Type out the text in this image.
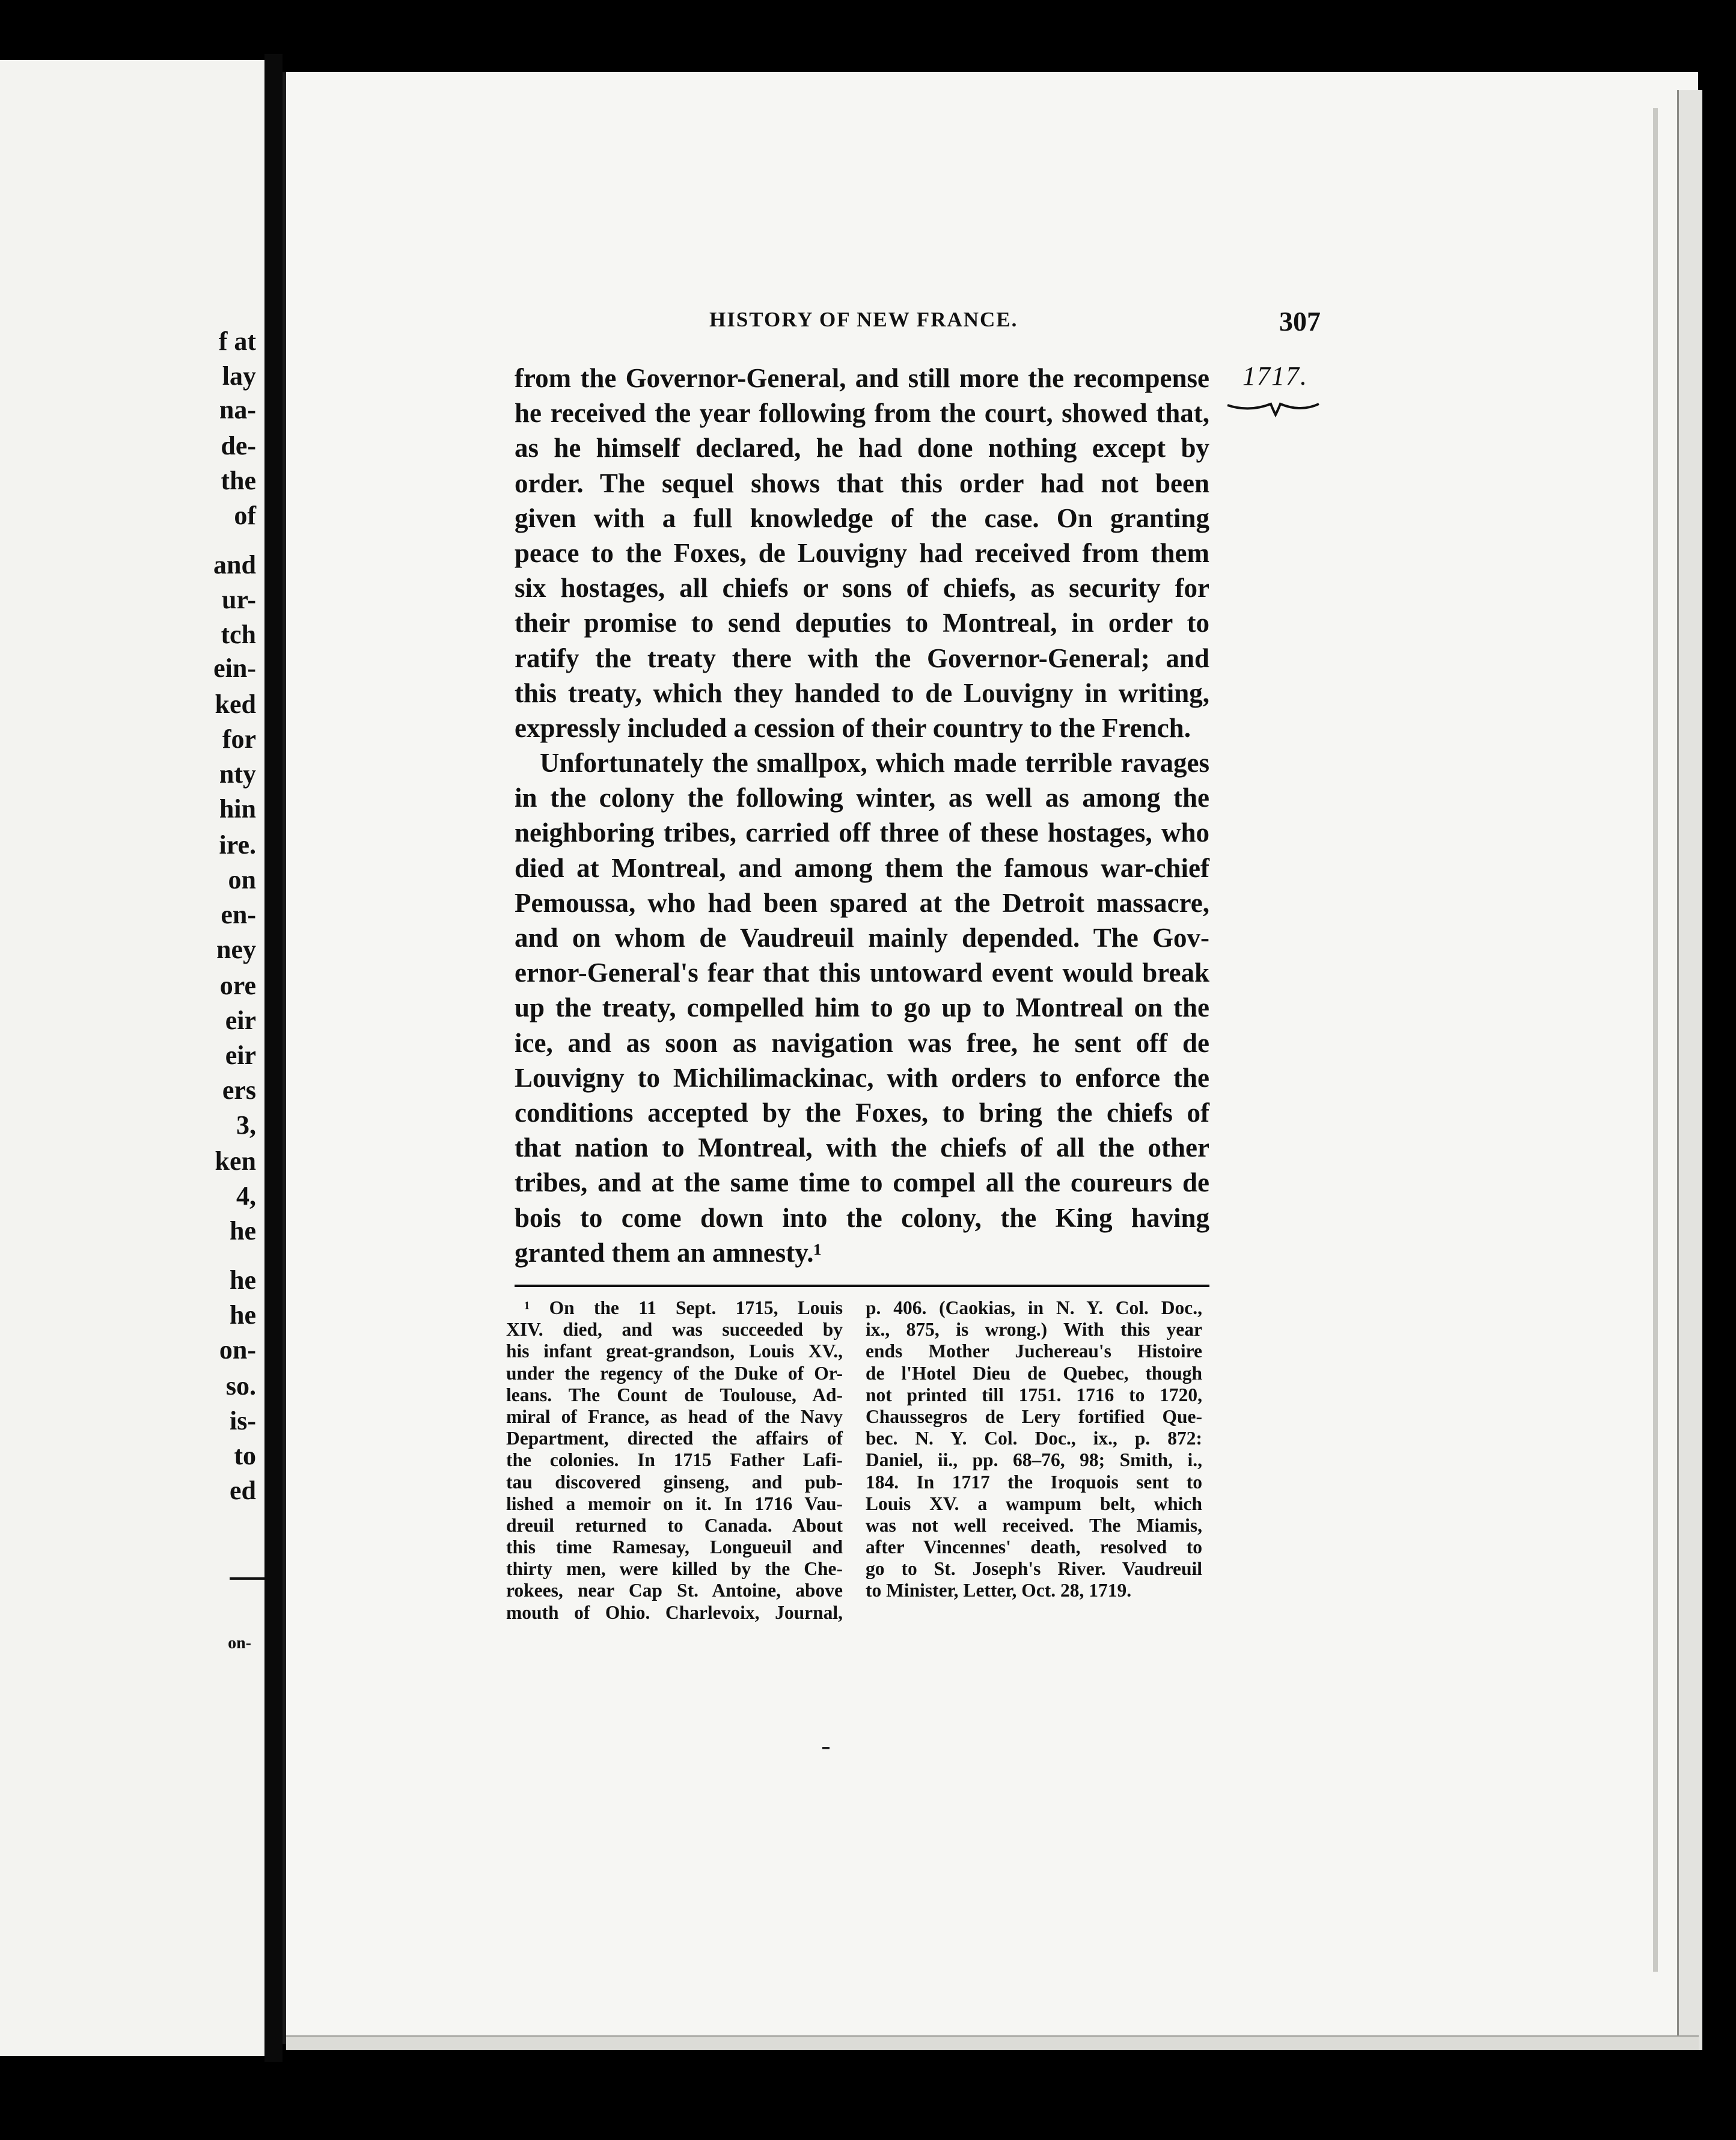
f at
lay
na-
de-
the
of
and
ur-
tch
ein-
ked
for
nty
hin
ire.
on
en-
ney
ore
eir
eir
ers
3,
ken
4,
he
he
he
on-
so.
is-
to
ed
on-
HISTORY OF NEW FRANCE.	307
1717.
from the Governor-General, and still more the recompense
he received the year following from the court, showed that,
as he himself declared, he had done nothing except by
order. The sequel shows that this order had not been
given with a full knowledge of the case. On granting
peace to the Foxes, de Louvigny had received from them
six hostages, all chiefs or sons of chiefs, as security for
their promise to send deputies to Montreal, in order to
ratify the treaty there with the Governor-General; and
this treaty, which they handed to de Louvigny in writing,
expressly included a cession of their country to the French.
Unfortunately the smallpox, which made terrible ravages
in the colony the following winter, as well as among the
neighboring tribes, carried off three of these hostages, who
died at Montreal, and among them the famous war-chief
Pemoussa, who had been spared at the Detroit massacre,
and on whom de Vaudreuil mainly depended. The Gov-
ernor-General's fear that this untoward event would break
up the treaty, compelled him to go up to Montreal on the
ice, and as soon as navigation was free, he sent off de
Louvigny to Michilimackinac, with orders to enforce the
conditions accepted by the Foxes, to bring the chiefs of
that nation to Montreal, with the chiefs of all the other
tribes, and at the same time to compel all the coureurs de
bois to come down into the colony, the King having
granted them an amnesty.¹
¹ On the 11 Sept. 1715, Louis
XIV. died, and was succeeded by
his infant great-grandson, Louis XV.,
under the regency of the Duke of Or-
leans. The Count de Toulouse, Ad-
miral of France, as head of the Navy
Department, directed the affairs of
the colonies. In 1715 Father Lafi-
tau discovered ginseng, and pub-
lished a memoir on it. In 1716 Vau-
dreuil returned to Canada. About
this time Ramesay, Longueuil and
thirty men, were killed by the Che-
rokees, near Cap St. Antoine, above
mouth of Ohio. Charlevoix, Journal,
p. 406. (Caokias, in N. Y. Col. Doc.,
ix., 875, is wrong.) With this year
ends Mother Juchereau's Histoire
de l'Hotel Dieu de Quebec, though
not printed till 1751. 1716 to 1720,
Chaussegros de Lery fortified Que-
bec. N. Y. Col. Doc., ix., p. 872:
Daniel, ii., pp. 68–76, 98; Smith, i.,
184. In 1717 the Iroquois sent to
Louis XV. a wampum belt, which
was not well received. The Miamis,
after Vincennes' death, resolved to
go to St. Joseph's River. Vaudreuil
to Minister, Letter, Oct. 28, 1719.
